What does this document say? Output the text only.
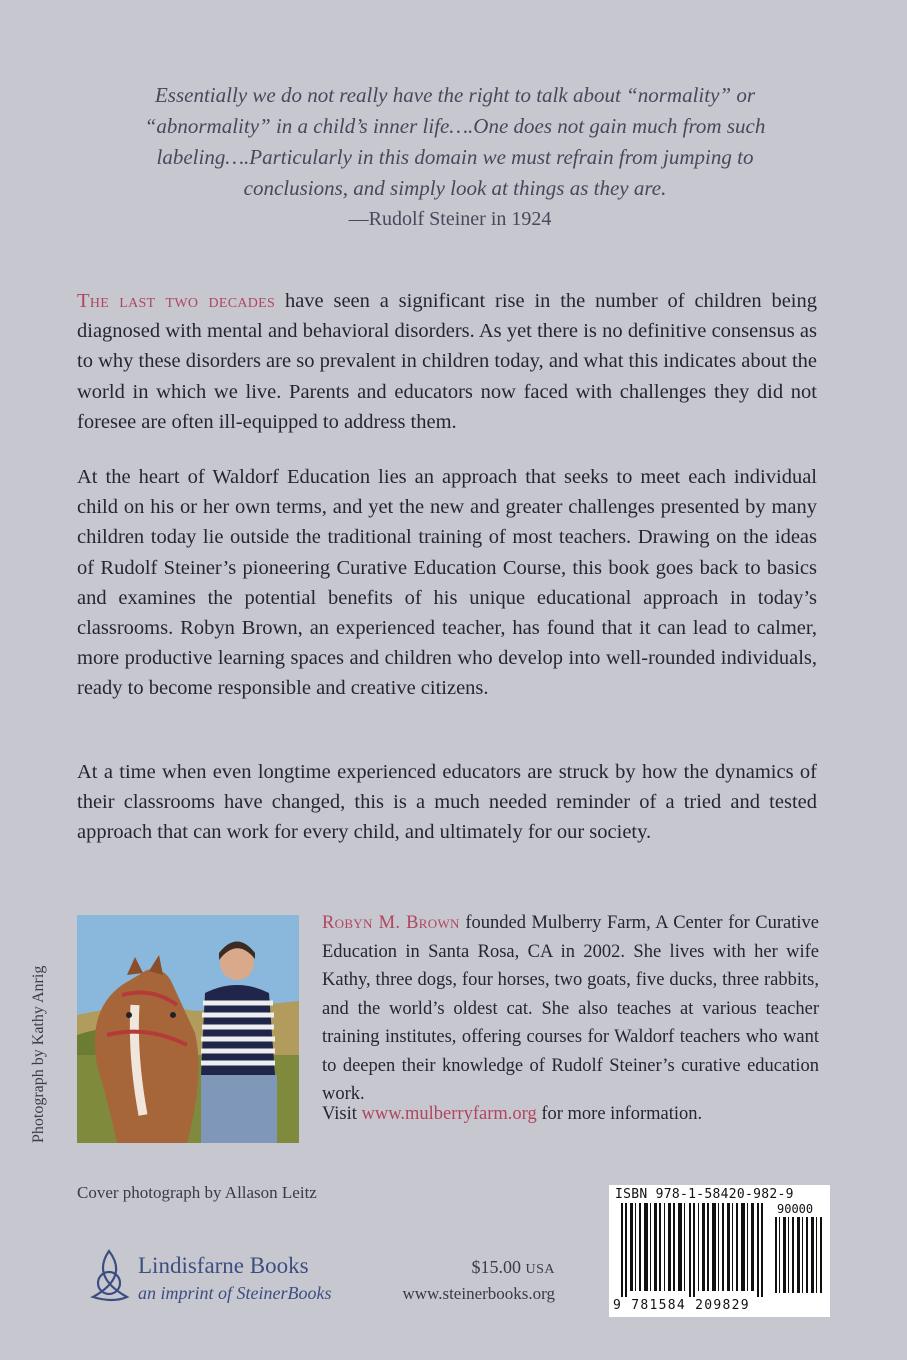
Essentially we do not really have the right to talk about “normality” or “abnormality” in a child’s inner life….One does not gain much from such labeling….Particularly in this domain we must refrain from jumping to conclusions, and simply look at things as they are.
—Rudolf Steiner in 1924
The last two decades have seen a significant rise in the number of children being diagnosed with mental and behavioral disorders. As yet there is no definitive consensus as to why these disorders are so prevalent in children today, and what this indicates about the world in which we live. Parents and educators now faced with challenges they did not foresee are often ill-equipped to address them.
At the heart of Waldorf Education lies an approach that seeks to meet each individual child on his or her own terms, and yet the new and greater challenges presented by many children today lie outside the traditional training of most teachers. Drawing on the ideas of Rudolf Steiner’s pioneering Curative Education Course, this book goes back to basics and examines the potential benefits of his unique educational approach in today’s classrooms. Robyn Brown, an experienced teacher, has found that it can lead to calmer, more productive learning spaces and children who develop into well-rounded individuals, ready to become responsible and creative citizens.
At a time when even longtime experienced educators are struck by how the dynamics of their classrooms have changed, this is a much needed reminder of a tried and tested approach that can work for every child, and ultimately for our society.
Photograph by Kathy Anrig
Robyn M. Brown founded Mulberry Farm, A Center for Curative Education in Santa Rosa, CA in 2002. She lives with her wife Kathy, three dogs, four horses, two goats, five ducks, three rabbits, and the world’s oldest cat. She also teaches at various teacher training institutes, offering courses for Waldorf teachers who want to deepen their knowledge of Rudolf Steiner’s curative education work.
Visit www.mulberryfarm.org for more information.
Cover photograph by Allason Leitz
Lindisfarne Books
an imprint of SteinerBooks
$15.00 USA
www.steinerbooks.org
ISBN 978-1-58420-982-9
90000
9 781584 209829
